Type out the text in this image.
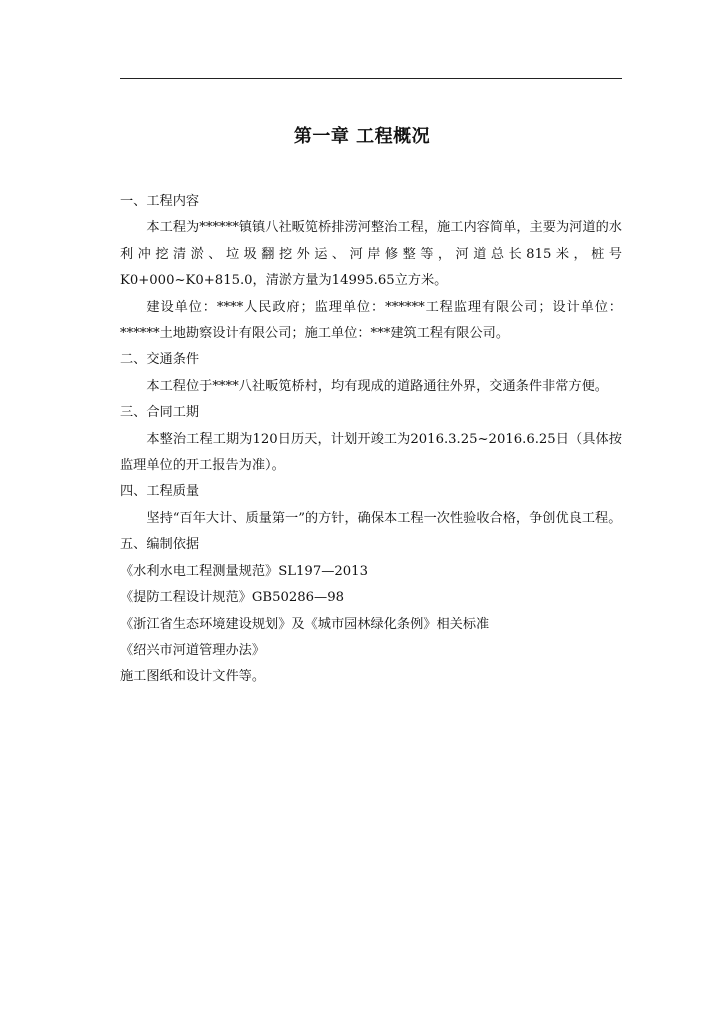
第一章 工程概况

一、工程内容

本工程为******镇镇八社畈笕桥排涝河整治工程，施工内容简单，主要为河道的水利冲挖清淤、垃圾翻挖外运、河岸修整等，河道总长815米，桩号K0+000~K0+815.0，清淤方量为14995.65立方米。

建设单位：****人民政府；监理单位：******工程监理有限公司；设计单位：******土地勘察设计有限公司；施工单位：***建筑工程有限公司。

二、交通条件

本工程位于****八社畈笕桥村，均有现成的道路通往外界，交通条件非常方便。

三、合同工期

本整治工程工期为120日历天，计划开竣工为2016.3.25~2016.6.25日（具体按监理单位的开工报告为准）。

四、工程质量

坚持“百年大计、质量第一”的方针，确保本工程一次性验收合格，争创优良工程。

五、编制依据

《水利水电工程测量规范》SL197—2013

《提防工程设计规范》GB50286—98

《浙江省生态环境建设规划》及《城市园林绿化条例》相关标准

《绍兴市河道管理办法》

施工图纸和设计文件等。
